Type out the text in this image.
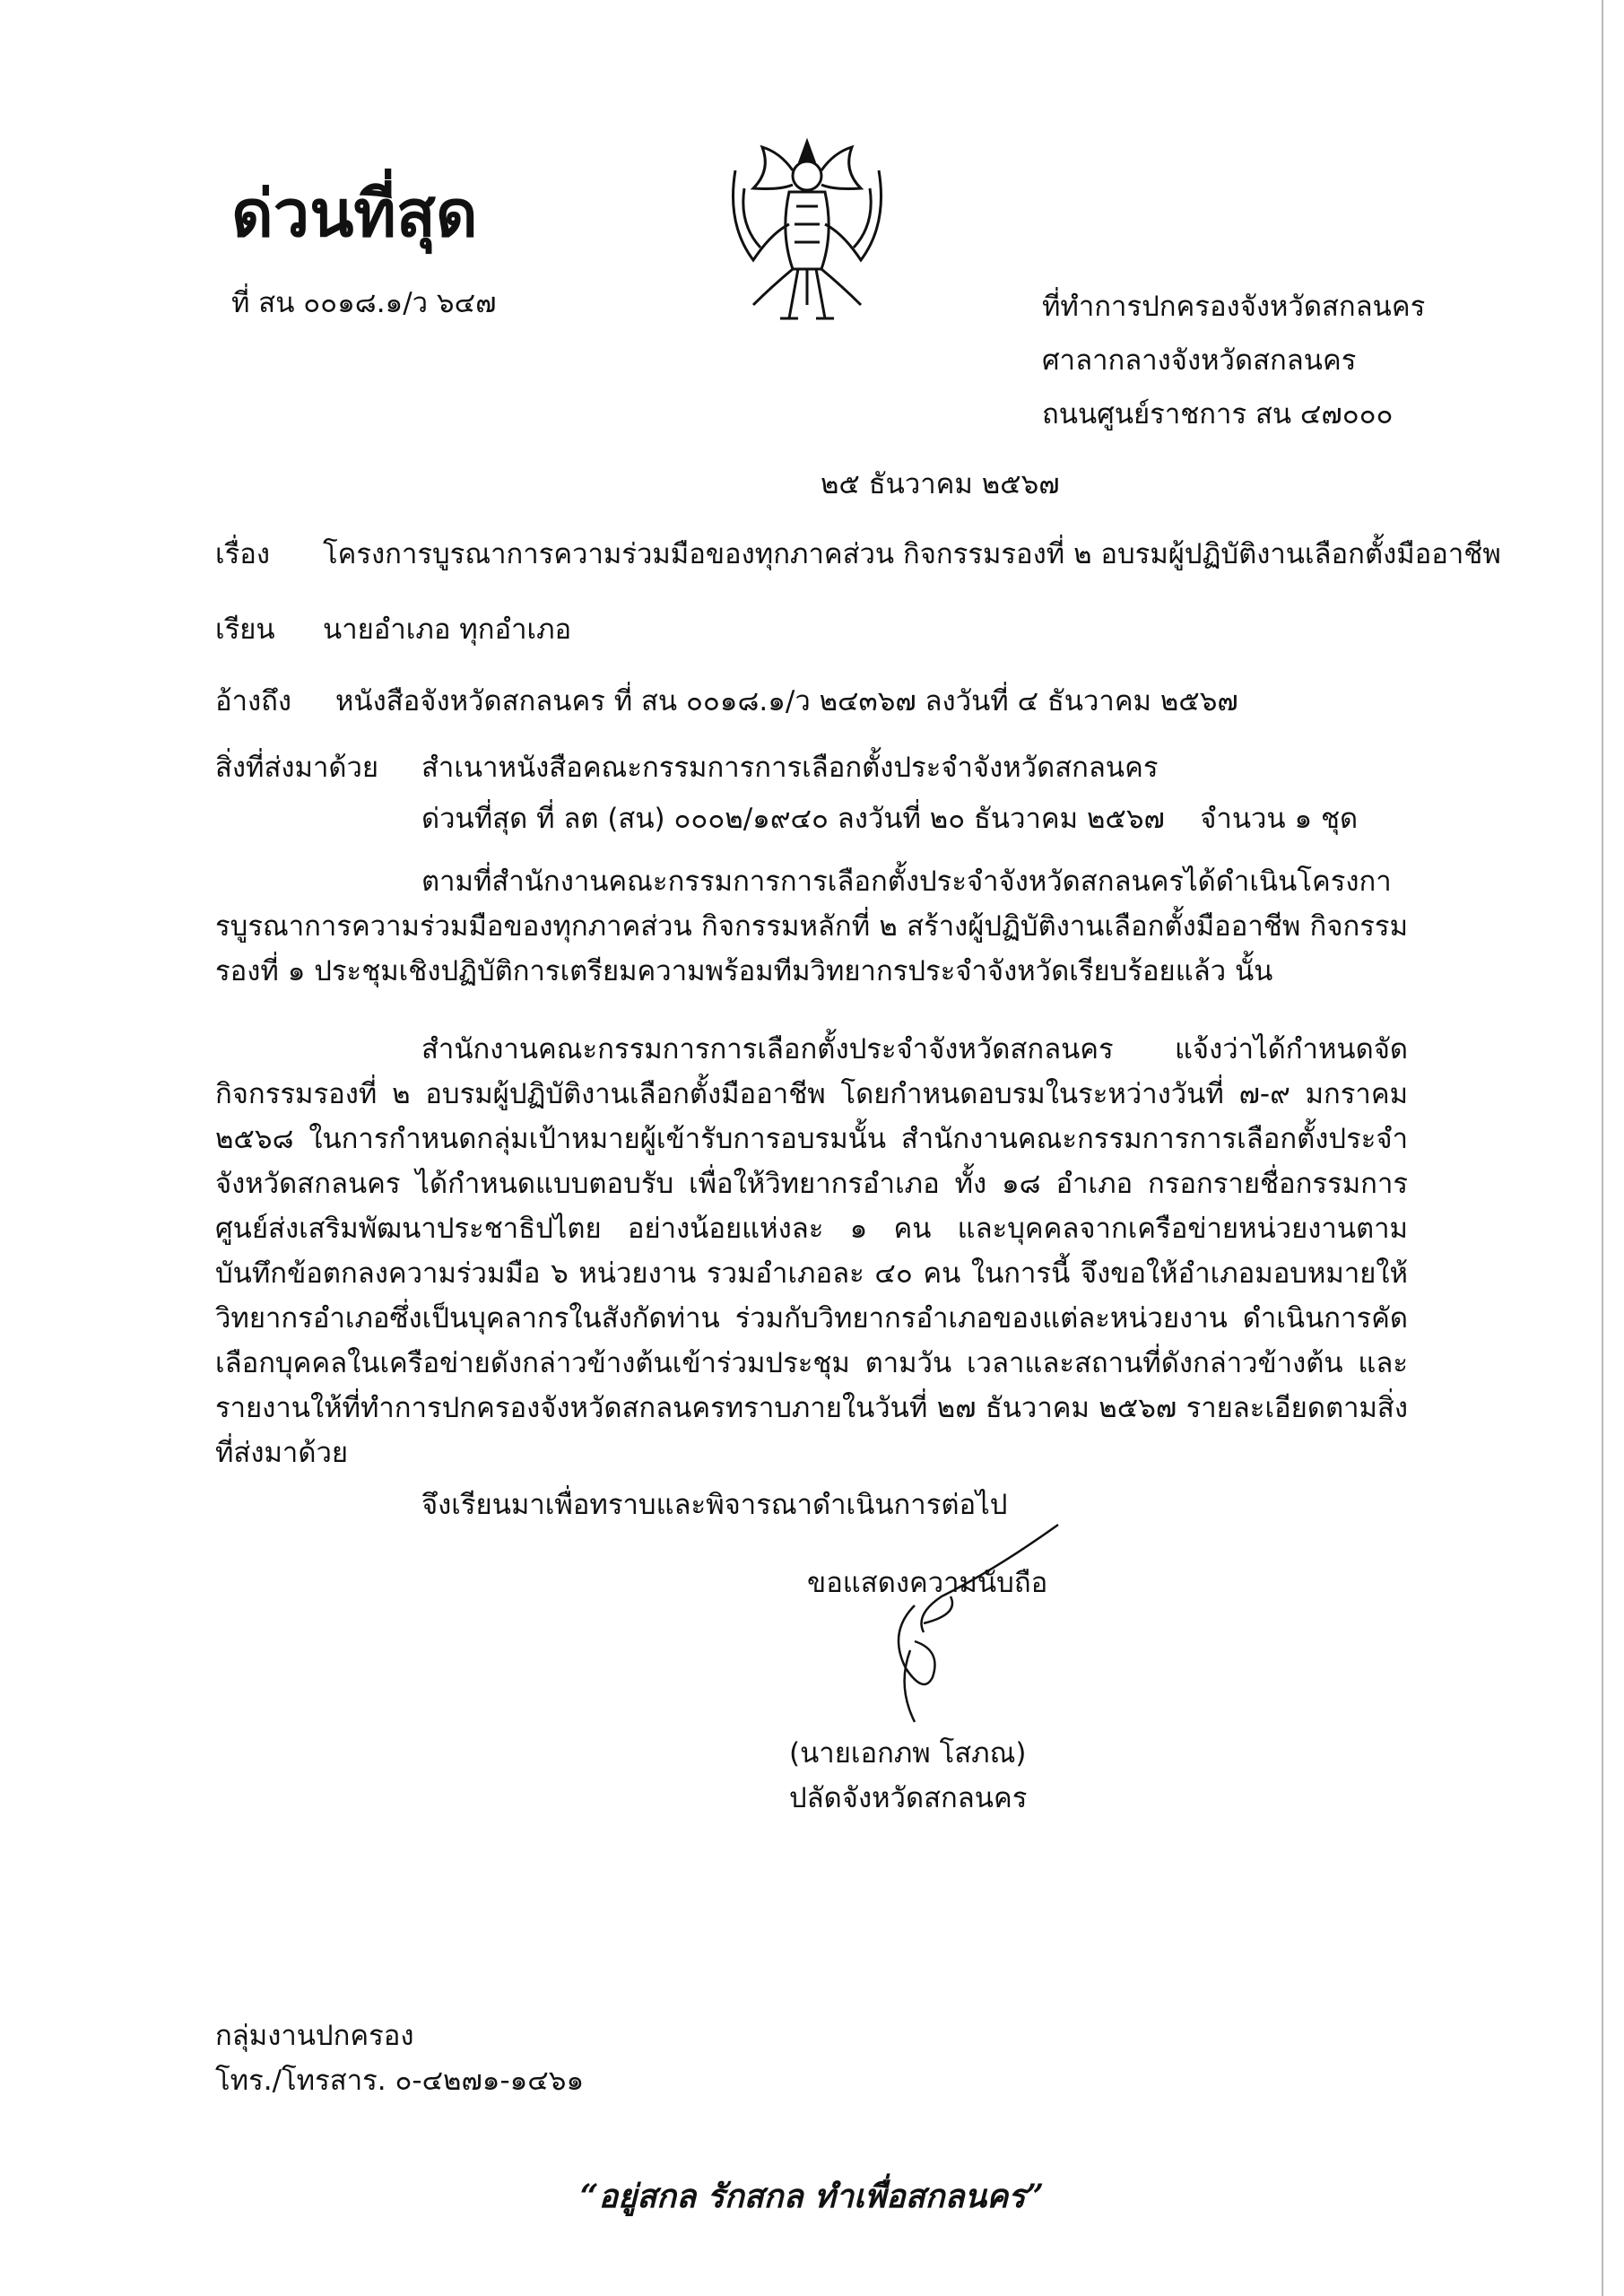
ด่วนที่สุด
ที่ สน ๐๐๑๘.๑/ว ๖๔๗	ที่ทำการปกครองจังหวัดสกลนคร
ศาลากลางจังหวัดสกลนคร
ถนนศูนย์ราชการ สน ๔๗๐๐๐
๒๕ ธันวาคม ๒๕๖๗
เรื่อง โครงการบูรณาการความร่วมมือของทุกภาคส่วน กิจกรรมรองที่ ๒ อบรมผู้ปฏิบัติงานเลือกตั้งมืออาชีพ
เรียน นายอำเภอ ทุกอำเภอ
อ้างถึง หนังสือจังหวัดสกลนคร ที่ สน ๐๐๑๘.๑/ว ๒๔๓๖๗ ลงวันที่ ๔ ธันวาคม ๒๕๖๗
สิ่งที่ส่งมาด้วย สำเนาหนังสือคณะกรรมการการเลือกตั้งประจำจังหวัดสกลนคร
ด่วนที่สุด ที่ ลต (สน) ๐๐๐๒/๑๙๔๐ ลงวันที่ ๒๐ ธันวาคม ๒๕๖๗    จำนวน ๑ ชุด
ตามที่สำนักงานคณะกรรมการการเลือกตั้งประจำจังหวัดสกลนครได้ดำเนินโครงการบูรณาการความร่วมมือของทุกภาคส่วน กิจกรรมหลักที่ ๒ สร้างผู้ปฏิบัติงานเลือกตั้งมืออาชีพ กิจกรรมรองที่ ๑ ประชุมเชิงปฏิบัติการเตรียมความพร้อมทีมวิทยากรประจำจังหวัดเรียบร้อยแล้ว นั้น
สำนักงานคณะกรรมการการเลือกตั้งประจำจังหวัดสกลนคร แจ้งว่าได้กำหนดจัดกิจกรรมรองที่ ๒ อบรมผู้ปฏิบัติงานเลือกตั้งมืออาชีพ โดยกำหนดอบรมในระหว่างวันที่ ๗-๙ มกราคม ๒๕๖๘ ในการกำหนดกลุ่มเป้าหมายผู้เข้ารับการอบรมนั้น สำนักงานคณะกรรมการการเลือกตั้งประจำจังหวัดสกลนคร ได้กำหนดแบบตอบรับ เพื่อให้วิทยากรอำเภอ ทั้ง ๑๘ อำเภอ กรอกรายชื่อกรรมการศูนย์ส่งเสริมพัฒนาประชาธิปไตย อย่างน้อยแห่งละ ๑ คน และบุคคลจากเครือข่ายหน่วยงานตามบันทึกข้อตกลงความร่วมมือ ๖ หน่วยงาน รวมอำเภอละ ๔๐ คน ในการนี้ จึงขอให้อำเภอมอบหมายให้วิทยากรอำเภอซึ่งเป็นบุคลากรในสังกัดท่าน ร่วมกับวิทยากรอำเภอของแต่ละหน่วยงาน ดำเนินการคัดเลือกบุคคลในเครือข่ายดังกล่าวข้างต้นเข้าร่วมประชุม ตามวัน เวลาและสถานที่ดังกล่าวข้างต้น และรายงานให้ที่ทำการปกครองจังหวัดสกลนครทราบภายในวันที่ ๒๗ ธันวาคม ๒๕๖๗ รายละเอียดตามสิ่งที่ส่งมาด้วย
จึงเรียนมาเพื่อทราบและพิจารณาดำเนินการต่อไป
ขอแสดงความนับถือ
(นายเอกภพ โสภณ)
ปลัดจังหวัดสกลนคร
กลุ่มงานปกครอง
โทร./โทรสาร. ๐-๔๒๗๑-๑๔๖๑
“อยู่สกล รักสกล ทำเพื่อสกลนคร”
